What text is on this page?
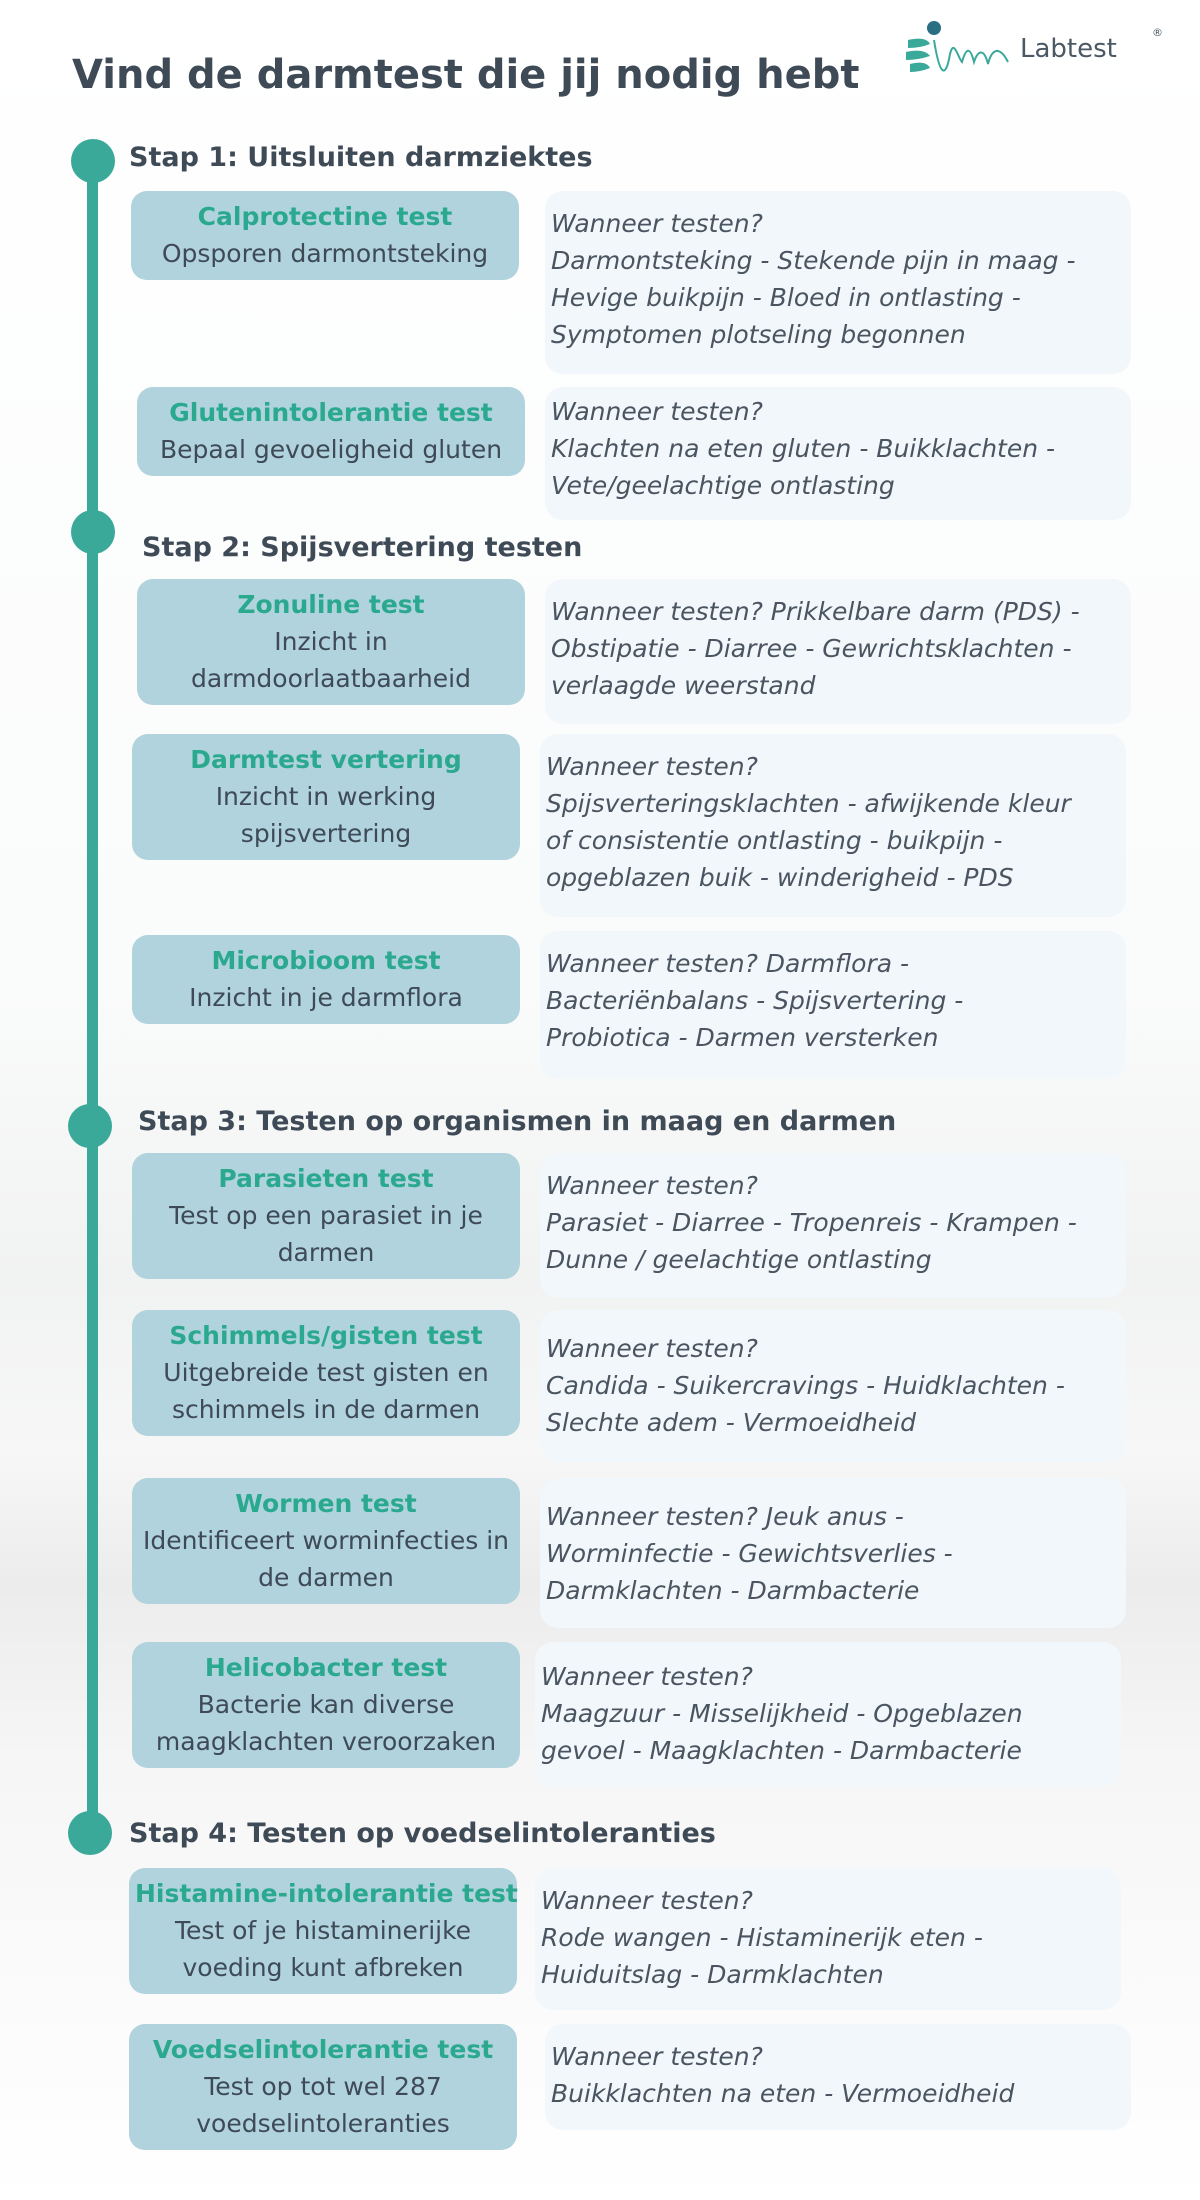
Vind de darmtest die jij nodig hebt
Labtest
®
Stap 1: Uitsluiten darmziektes
Stap 2: Spijsvertering testen
Stap 3: Testen op organismen in maag en darmen
Stap 4: Testen op voedselintoleranties
Calprotectine test
Opsporen darmontsteking
Wanneer testen?
Darmontsteking - Stekende pijn in maag -
Hevige buikpijn - Bloed in ontlasting -
Symptomen plotseling begonnen
Glutenintolerantie test
Bepaal gevoeligheid gluten
Wanneer testen?
Klachten na eten gluten - Buikklachten -
Vete/geelachtige ontlasting
Zonuline test
Inzicht in darmdoorlaatbaarheid
Wanneer testen? Prikkelbare darm (PDS) -
Obstipatie - Diarree - Gewrichtsklachten -
verlaagde weerstand
Darmtest vertering
Inzicht in werking spijsvertering
Wanneer testen?
Spijsverteringsklachten - afwijkende kleur
of consistentie ontlasting - buikpijn -
opgeblazen buik - winderigheid - PDS
Microbioom test
Inzicht in je darmflora
Wanneer testen? Darmflora -
Bacteriënbalans - Spijsvertering -
Probiotica - Darmen versterken
Parasieten test
Test op een parasiet in je darmen
Wanneer testen?
Parasiet - Diarree - Tropenreis - Krampen -
Dunne / geelachtige ontlasting
Schimmels/gisten test
Uitgebreide test gisten en schimmels in de darmen
Wanneer testen?
Candida - Suikercravings - Huidklachten -
Slechte adem - Vermoeidheid
Wormen test
Identificeert worminfecties in de darmen
Wanneer testen? Jeuk anus -
Worminfectie - Gewichtsverlies -
Darmklachten - Darmbacterie
Helicobacter test
Bacterie kan diverse maagklachten veroorzaken
Wanneer testen?
Maagzuur - Misselijkheid - Opgeblazen
gevoel - Maagklachten - Darmbacterie
Histamine-intolerantie test
Test of je histaminerijke voeding kunt afbreken
Wanneer testen?
Rode wangen - Histaminerijk eten -
Huiduitslag - Darmklachten
Voedselintolerantie test
Test op tot wel 287 voedselintoleranties
Wanneer testen?
Buikklachten na eten - Vermoeidheid
